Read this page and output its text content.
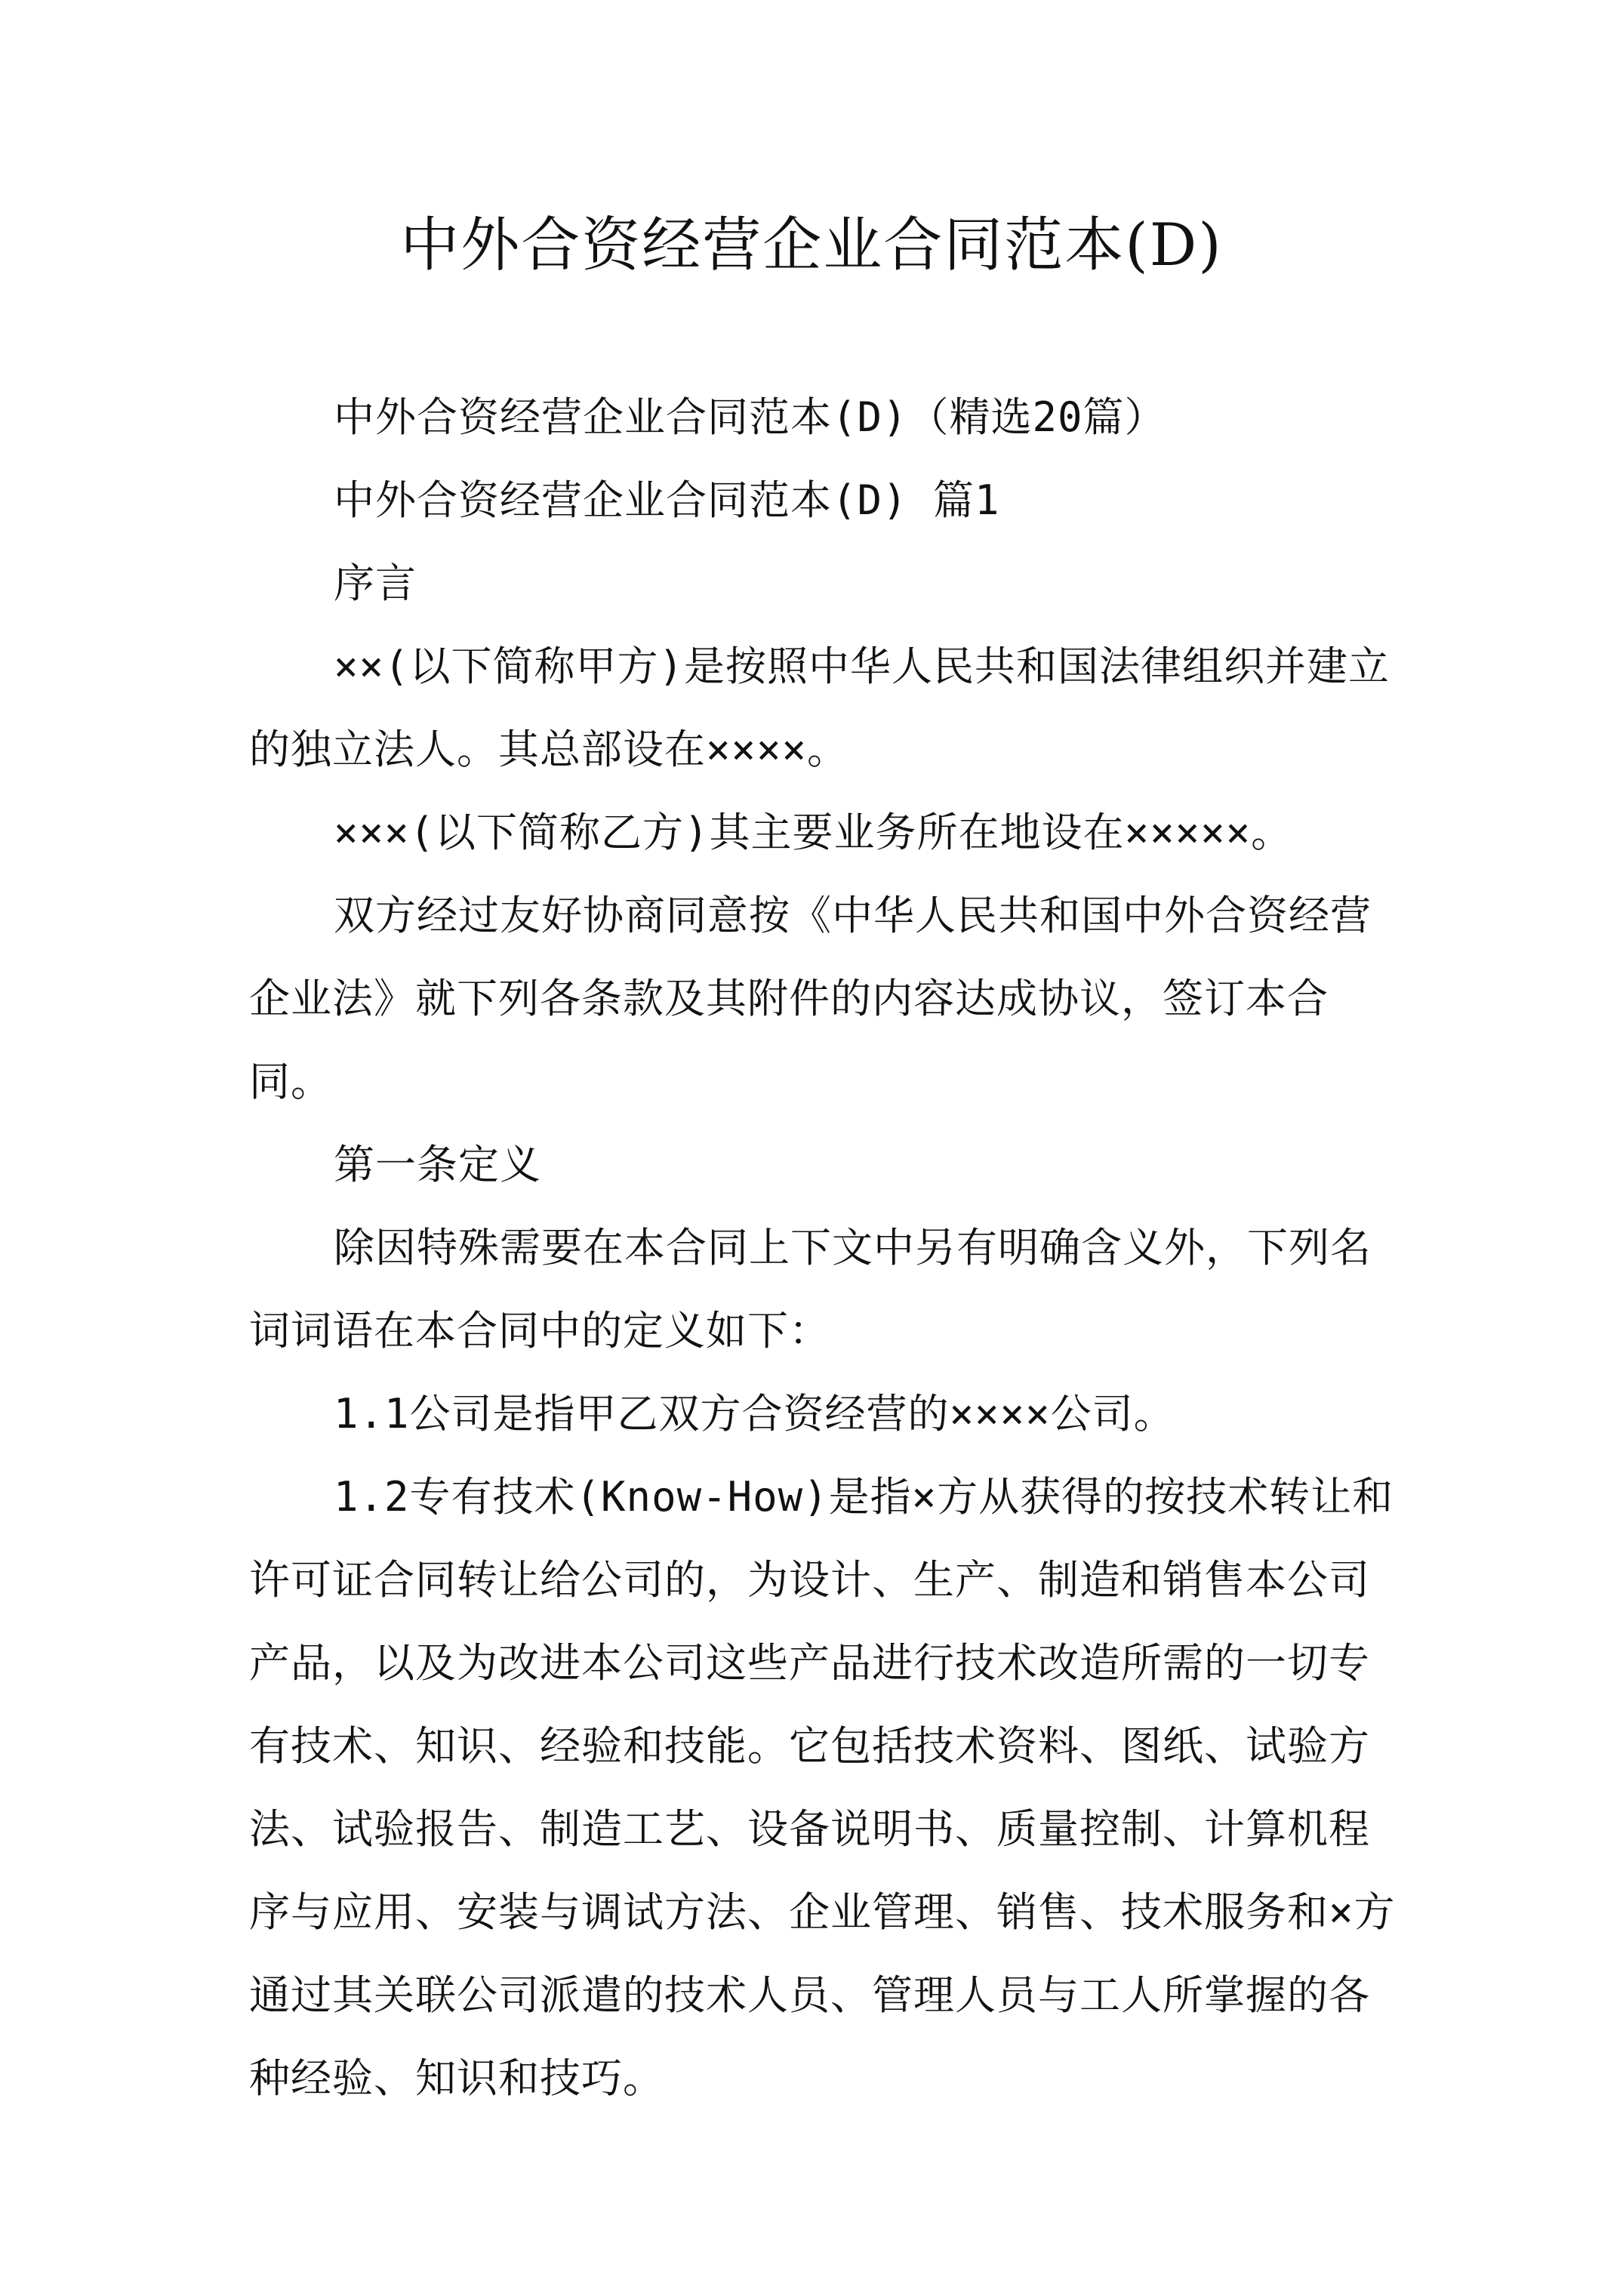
中外合资经营企业合同范本(D)

中外合资经营企业合同范本(D)（精选20篇）

中外合资经营企业合同范本(D) 篇1

序言

××(以下简称甲方)是按照中华人民共和国法律组织并建立的独立法人。其总部设在××××。

×××(以下简称乙方)其主要业务所在地设在×××××。

双方经过友好协商同意按《中华人民共和国中外合资经营企业法》就下列各条款及其附件的内容达成协议，签订本合同。

第一条定义

除因特殊需要在本合同上下文中另有明确含义外，下列名词词语在本合同中的定义如下：

1.1公司是指甲乙双方合资经营的××××公司。

1.2专有技术(Know-How)是指×方从获得的按技术转让和许可证合同转让给公司的，为设计、生产、制造和销售本公司产品，以及为改进本公司这些产品进行技术改造所需的一切专有技术、知识、经验和技能。它包括技术资料、图纸、试验方法、试验报告、制造工艺、设备说明书、质量控制、计算机程序与应用、安装与调试方法、企业管理、销售、技术服务和×方通过其关联公司派遣的技术人员、管理人员与工人所掌握的各种经验、知识和技巧。
